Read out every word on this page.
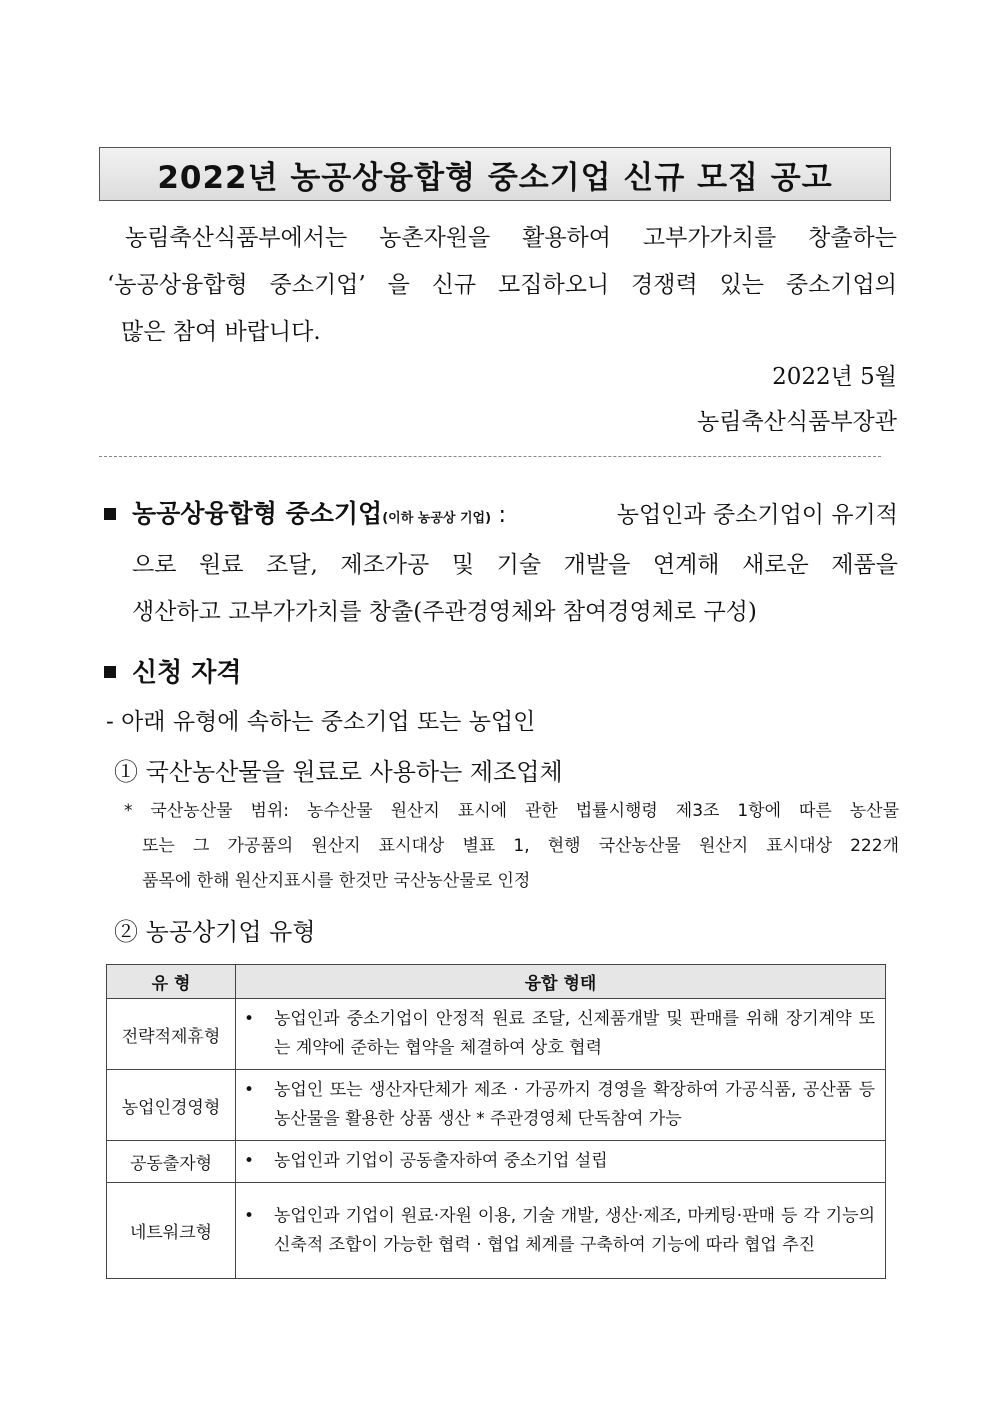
2022년 농공상융합형 중소기업 신규 모집 공고

농림축산식품부에서는 농촌자원을 활용하여 고부가가치를 창출하는

‘농공상융합형 중소기업’ 을 신규 모집하오니 경쟁력 있는 중소기업의

많은 참여 바랍니다.

2022년 5월
농림축산식품부장관
농공상융합형 중소기업(이하 농공상 기업) :	농업인과 중소기업이 유기적
으로 원료 조달, 제조가공 및 기술 개발을 연계해 새로운 제품을
생산하고 고부가가치를 창출(주관경영체와 참여경영체로 구성)
신청 자격
- 아래 유형에 속하는 중소기업 또는 농업인
① 국산농산물을 원료로 사용하는 제조업체
* 국산농산물 범위: 농수산물 원산지 표시에 관한 법률시행령 제3조 1항에 따른 농산물
또는 그 가공품의 원산지 표시대상 별표 1, 현행 국산농산물 원산지 표시대상 222개
품목에 한해 원산지표시를 한것만 국산농산물로 인정
② 농공상기업 유형
유 형	융합 형태
전략적제휴형	• 농업인과 중소기업이 안정적 원료 조달, 신제품개발 및 판매를 위해 장기계약 또는 계약에 준하는 협약을 체결하여 상호 협력

농업인경영형	• 농업인 또는 생산자단체가 제조 · 가공까지 경영을 확장하여 가공식품, 공산품 등 농산물을 활용한 상품 생산 * 주관경영체 단독참여 가능

공동출자형	• 농업인과 기업이 공동출자하여 중소기업 설립

네트워크형	• 농업인과 기업이 원료·자원 이용, 기술 개발, 생산·제조, 마케팅·판매 등 각 기능의 신축적 조합이 가능한 협력 · 협업 체계를 구축하여 기능에 따라 협업 추진
